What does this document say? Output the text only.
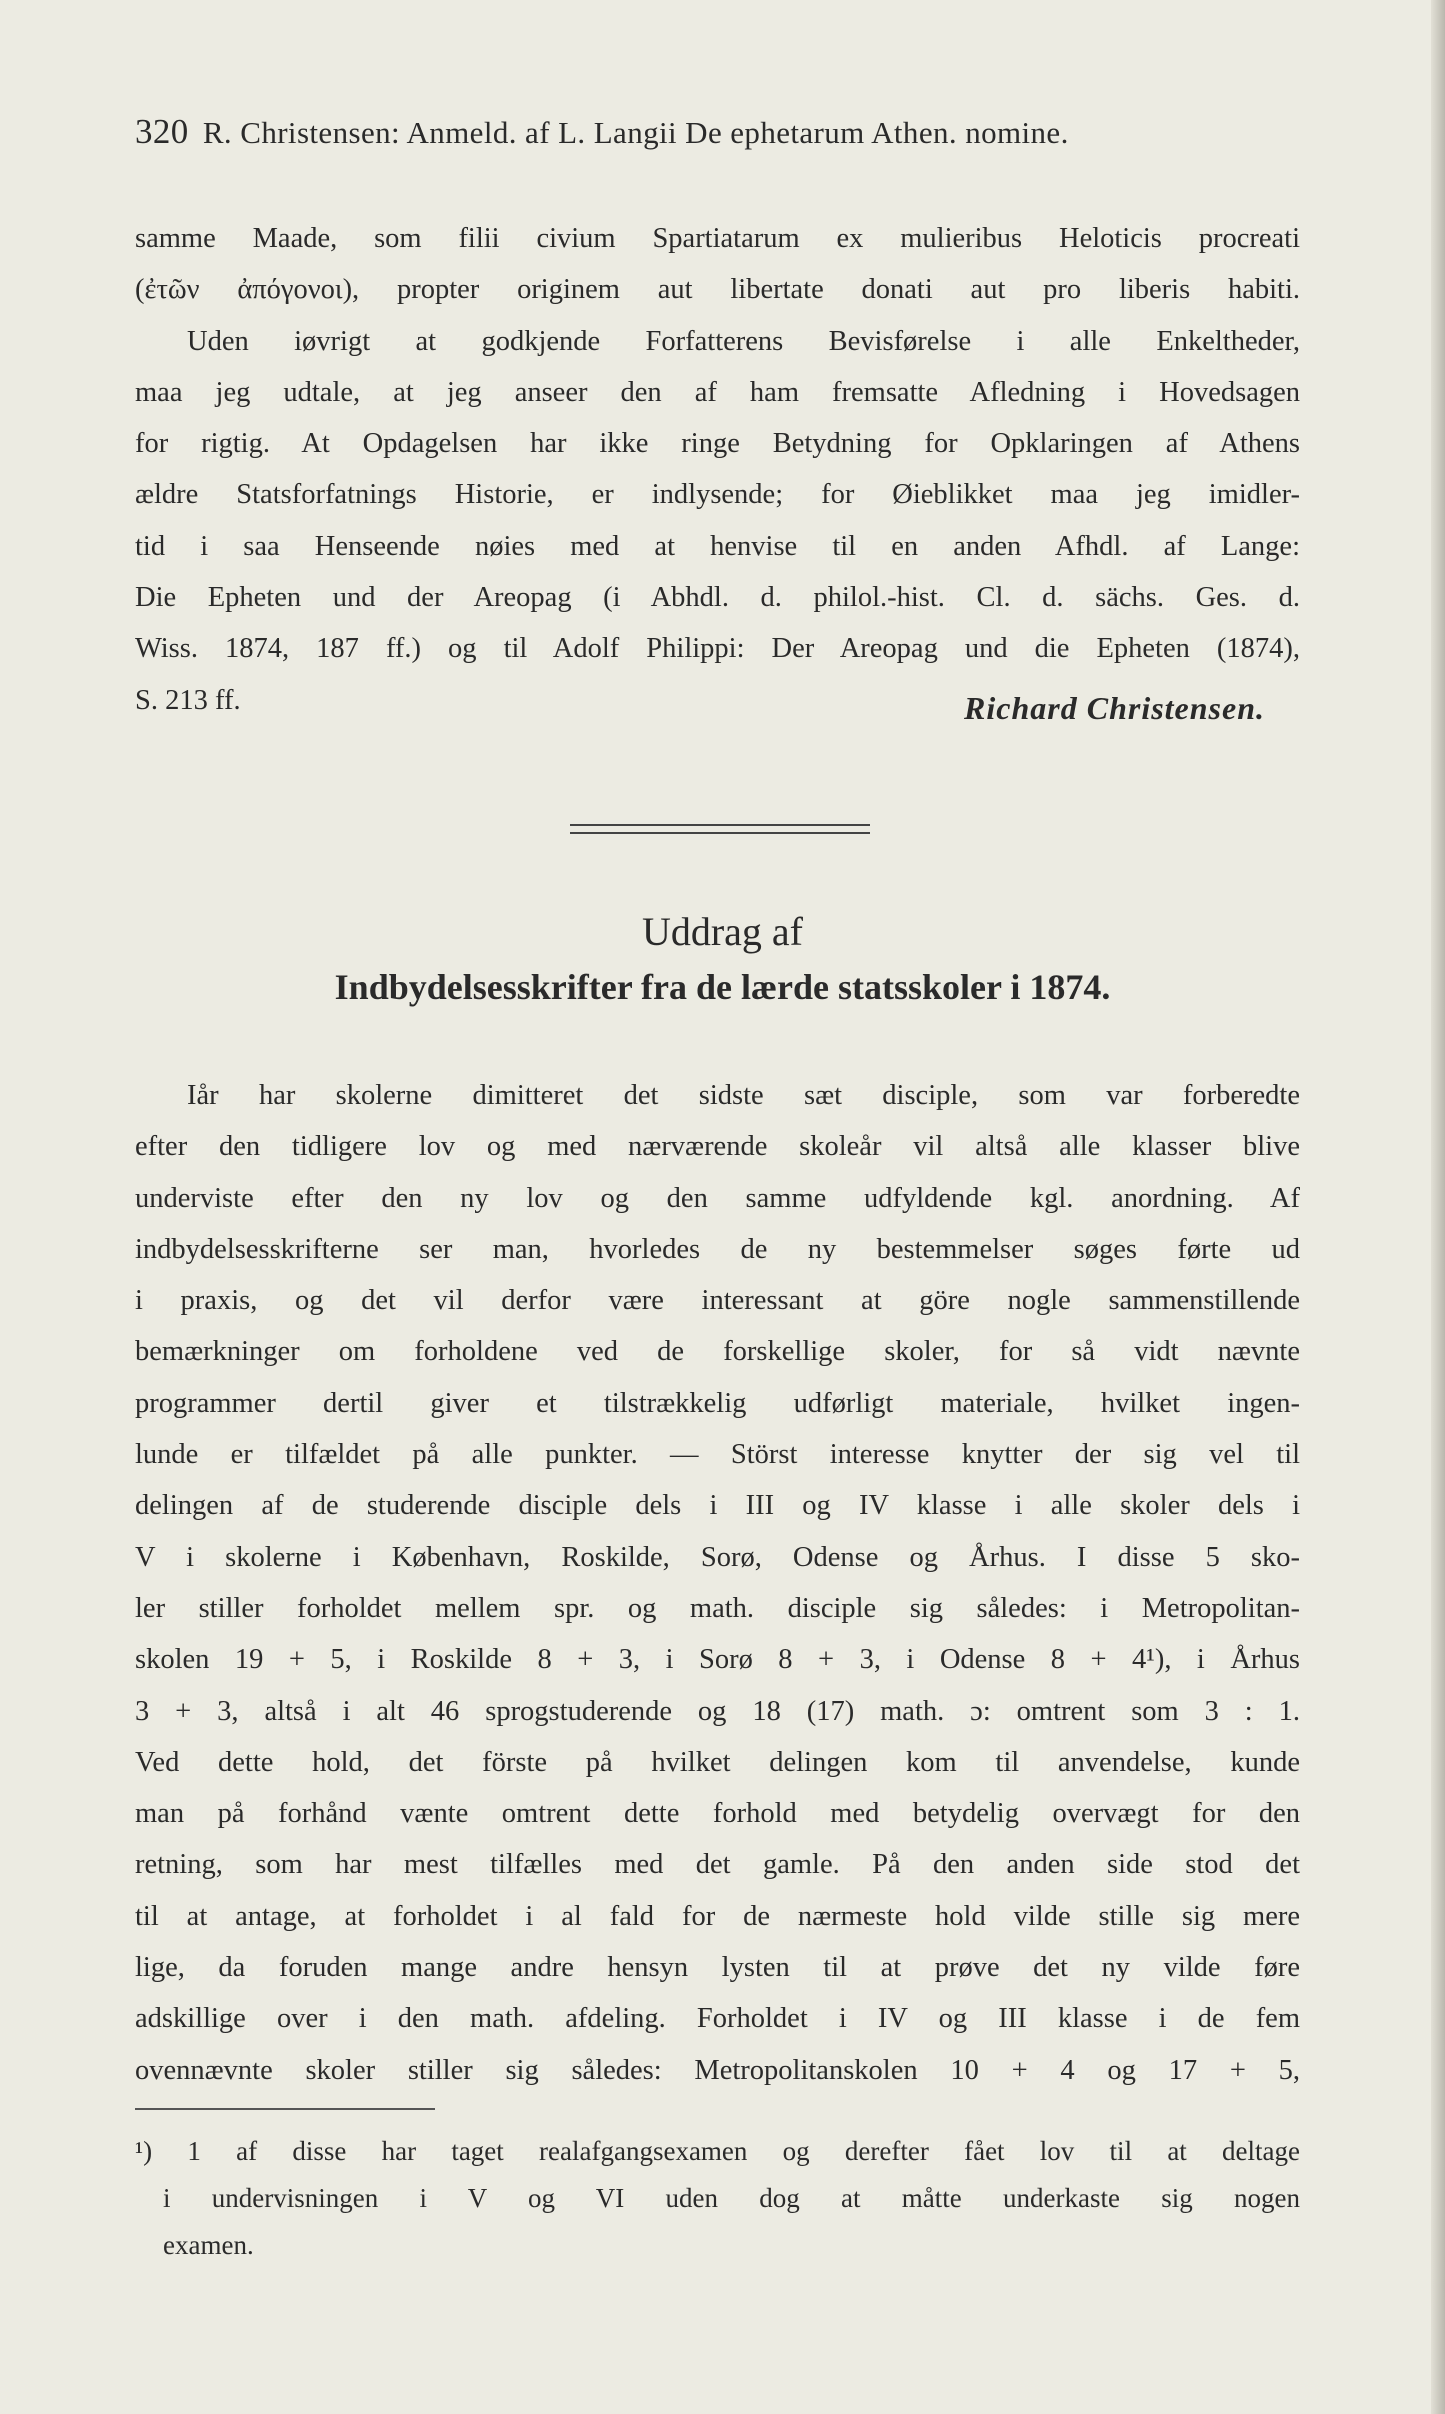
320 R. Christensen: Anmeld. af L. Langii De ephetarum Athen. nomine.
samme Maade, som filii civium Spartiatarum ex mulieribus Heloticis procreati
(ἐτῶν ἀπόγονοι), propter originem aut libertate donati aut pro liberis habiti.
Uden iøvrigt at godkjende Forfatterens Bevisførelse i alle Enkeltheder,
maa jeg udtale, at jeg anseer den af ham fremsatte Afledning i Hovedsagen
for rigtig. At Opdagelsen har ikke ringe Betydning for Opklaringen af Athens
ældre Statsforfatnings Historie, er indlysende; for Øieblikket maa jeg imidler-
tid i saa Henseende nøies med at henvise til en anden Afhdl. af Lange:
Die Epheten und der Areopag (i Abhdl. d. philol.-hist. Cl. d. sächs. Ges. d.
Wiss. 1874, 187 ff.) og til Adolf Philippi: Der Areopag und die Epheten (1874),
S. 213 ff.	Richard Christensen.
Uddrag af
Indbydelsesskrifter fra de lærde statsskoler i 1874.
Iår har skolerne dimitteret det sidste sæt disciple, som var forberedte
efter den tidligere lov og med nærværende skoleår vil altså alle klasser blive
underviste efter den ny lov og den samme udfyldende kgl. anordning. Af
indbydelsesskrifterne ser man, hvorledes de ny bestemmelser søges førte ud
i praxis, og det vil derfor være interessant at göre nogle sammenstillende
bemærkninger om forholdene ved de forskellige skoler, for så vidt nævnte
programmer dertil giver et tilstrækkelig udførligt materiale, hvilket ingen-
lunde er tilfældet på alle punkter. — Störst interesse knytter der sig vel til
delingen af de studerende disciple dels i III og IV klasse i alle skoler dels i
V i skolerne i København, Roskilde, Sorø, Odense og Århus. I disse 5 sko-
ler stiller forholdet mellem spr. og math. disciple sig således: i Metropolitan-
skolen 19 + 5, i Roskilde 8 + 3, i Sorø 8 + 3, i Odense 8 + 4¹), i Århus
3 + 3, altså i alt 46 sprogstuderende og 18 (17) math. ɔ: omtrent som 3 : 1.
Ved dette hold, det förste på hvilket delingen kom til anvendelse, kunde
man på forhånd vænte omtrent dette forhold med betydelig overvægt for den
retning, som har mest tilfælles med det gamle. På den anden side stod det
til at antage, at forholdet i al fald for de nærmeste hold vilde stille sig mere
lige, da foruden mange andre hensyn lysten til at prøve det ny vilde føre
adskillige over i den math. afdeling. Forholdet i IV og III klasse i de fem
ovennævnte skoler stiller sig således: Metropolitanskolen 10 + 4 og 17 + 5,
¹) 1 af disse har taget realafgangsexamen og derefter fået lov til at deltage
i undervisningen i V og VI uden dog at måtte underkaste sig nogen
examen.
